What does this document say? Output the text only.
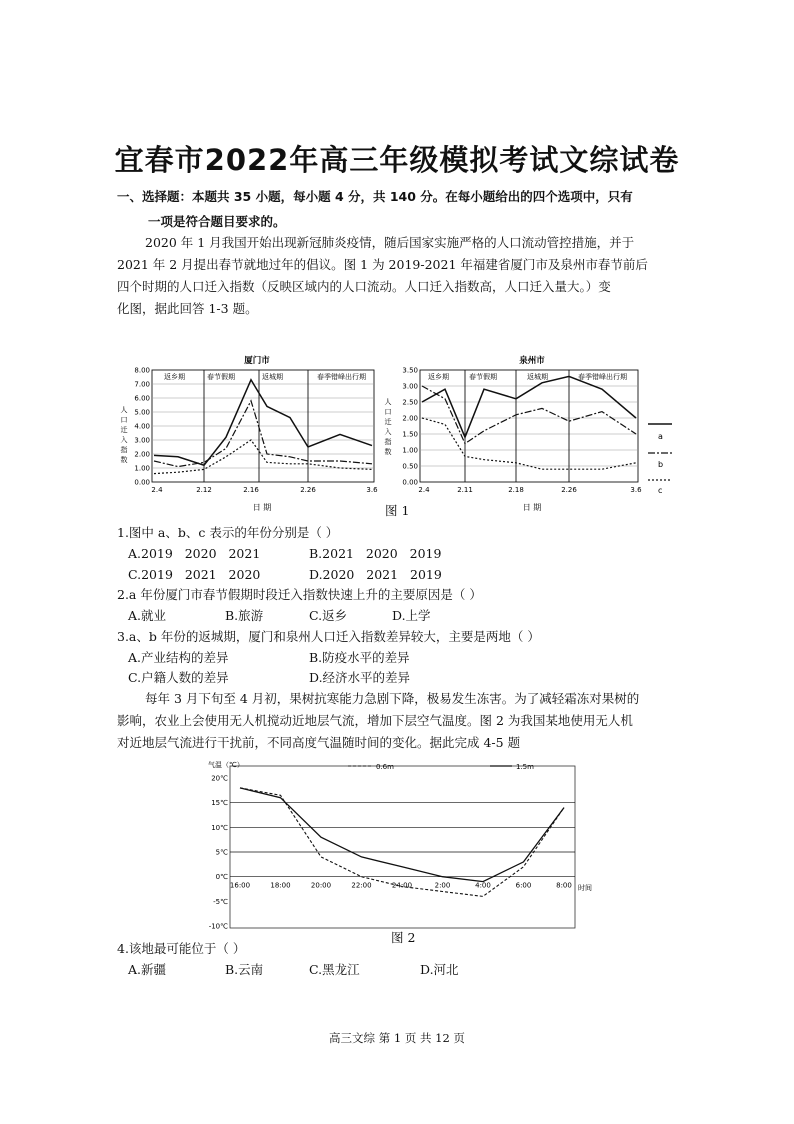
宜春市2022年高三年级模拟考试文综试卷
一、选择题：本题共 35 小题，每小题 4 分，共 140 分。在每小题给出的四个选项中，只有
一项是符合题目要求的。
2020 年 1 月我国开始出现新冠肺炎疫情，随后国家实施严格的人口流动管控措施，并于
2021 年 2 月提出春节就地过年的倡议。图 1 为 2019-2021 年福建省厦门市及泉州市春节前后
四个时期的人口迁入指数（反映区域内的人口流动。人口迁入指数高，人口迁入量大。）变
化图，据此回答 1-3 题。
厦门市
8.00
7.00
6.00
5.00
4.00
3.00
2.00
1.00
0.00
2.4	2.12	2.16	2.26	3.6
返乡期	春节假期	返城期	春季错峰出行期
人
口
迁
入
指
数
日 期
泉州市
3.50
3.00
2.50
2.00
1.50
1.00
0.50
0.00
2.4	2.11	2.18	2.26	3.6
返乡期	春节假期	返城期	春季错峰出行期
人
口
迁
入
指
数
日 期
a
b
c
图 1
1.图中 a、b、c 表示的年份分别是（ ）
A.2019   2020   2021	B.2021   2020   2019
C.2019   2021   2020	D.2020   2021   2019
2.a 年份厦门市春节假期时段迁入指数快速上升的主要原因是（ ）
A.就业	B.旅游	C.返乡	D.上学
3.a、b 年份的返城期，厦门和泉州人口迁入指数差异较大，主要是两地（ ）
A.产业结构的差异	B.防疫水平的差异
C.户籍人数的差异	D.经济水平的差异
每年 3 月下旬至 4 月初，果树抗寒能力急剧下降，极易发生冻害。为了减轻霜冻对果树的
影响，农业上会使用无人机搅动近地层气流，增加下层空气温度。图 2 为我国某地使用无人机
对近地层气流进行干扰前，不同高度气温随时间的变化。据此完成 4-5 题
气温（℃）	0.6m	1.5m
20℃
15℃
10℃
5℃
0℃
-5℃
-10℃
16:00	18:00	20:00	22:00	24:00	2:00	4:00	6:00	8:00 时间
图 2
4.该地最可能位于（ ）
A.新疆	B.云南	C.黑龙江	D.河北
高三文综 第 1 页 共 12 页
